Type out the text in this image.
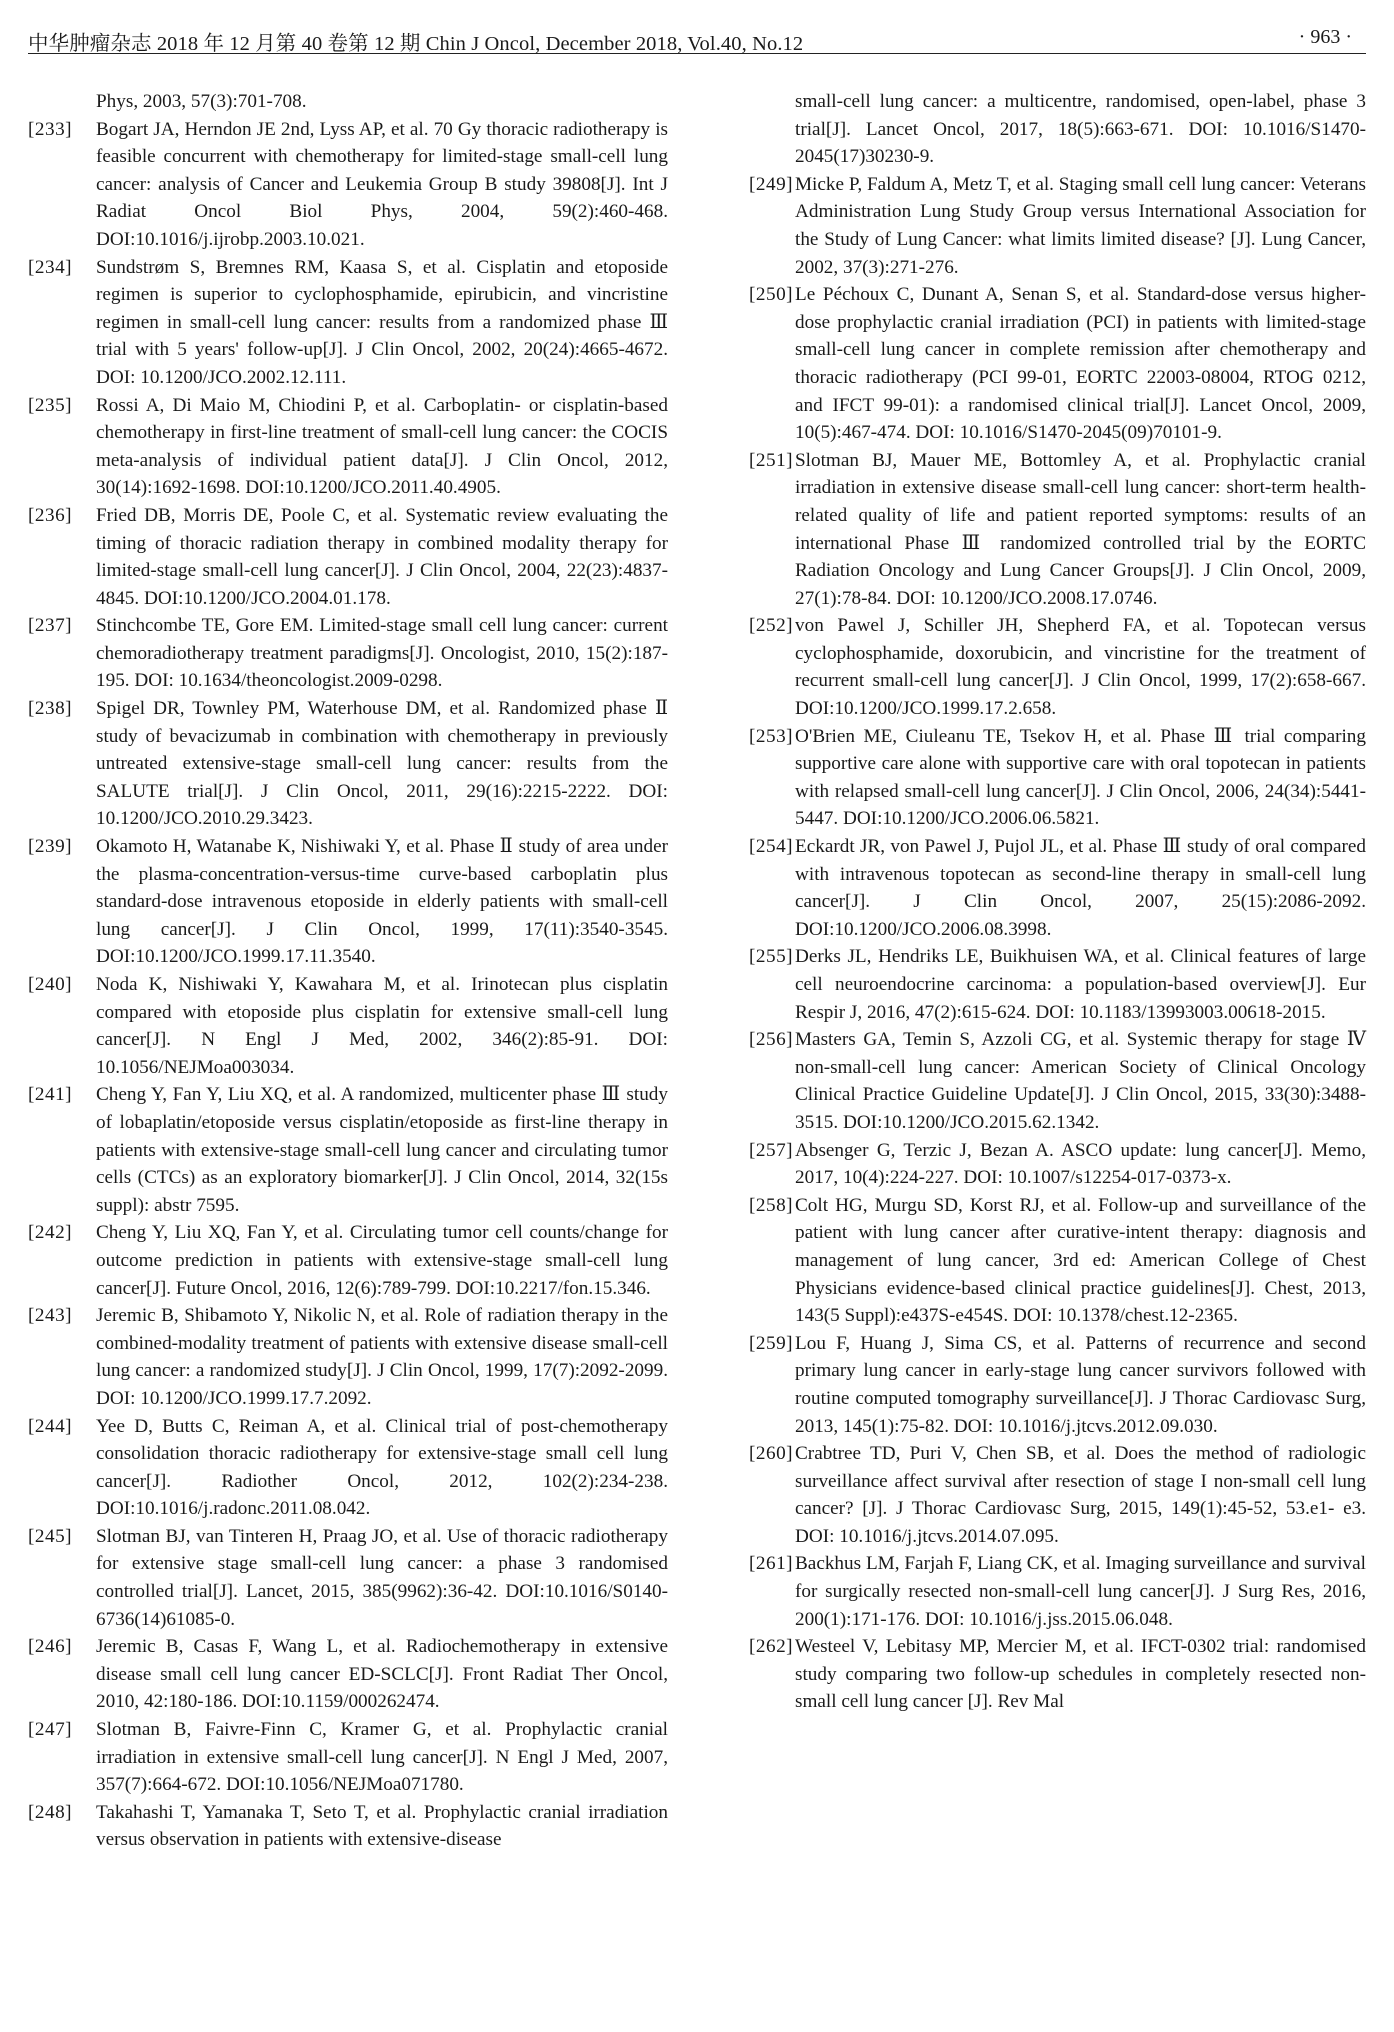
中华肿瘤杂志 2018 年 12 月第 40 卷第 12 期 Chin J Oncol, December 2018, Vol.40, No.12	· 963 ·
Phys, 2003, 57(3):701-708.
[233]	Bogart JA, Herndon JE 2nd, Lyss AP, et al. 70 Gy thoracic radiotherapy is feasible concurrent with chemotherapy for limited-stage small-cell lung cancer: analysis of Cancer and Leukemia Group B study 39808[J]. Int J Radiat Oncol Biol Phys, 2004, 59(2):460-468. DOI:10.1016/j.ijrobp.2003.10.021.
[234]	Sundstrøm S, Bremnes RM, Kaasa S, et al. Cisplatin and etoposide regimen is superior to cyclophosphamide, epirubicin, and vincristine regimen in small-cell lung cancer: results from a randomized phase Ⅲ trial with 5 years' follow-up[J]. J Clin Oncol, 2002, 20(24):4665-4672. DOI: 10.1200/JCO.2002.12.111.
[235]	Rossi A, Di Maio M, Chiodini P, et al. Carboplatin- or cisplatin-based chemotherapy in first-line treatment of small-cell lung cancer: the COCIS meta-analysis of individual patient data[J]. J Clin Oncol, 2012, 30(14):1692-1698. DOI:10.1200/JCO.2011.40.4905.
[236]	Fried DB, Morris DE, Poole C, et al. Systematic review evaluating the timing of thoracic radiation therapy in combined modality therapy for limited-stage small-cell lung cancer[J]. J Clin Oncol, 2004, 22(23):4837-4845. DOI:10.1200/JCO.2004.01.178.
[237]	Stinchcombe TE, Gore EM. Limited-stage small cell lung cancer: current chemoradiotherapy treatment paradigms[J]. Oncologist, 2010, 15(2):187-195. DOI: 10.1634/theoncologist.2009-0298.
[238]	Spigel DR, Townley PM, Waterhouse DM, et al. Randomized phase Ⅱ study of bevacizumab in combination with chemotherapy in previously untreated extensive-stage small-cell lung cancer: results from the SALUTE trial[J]. J Clin Oncol, 2011, 29(16):2215-2222. DOI: 10.1200/JCO.2010.29.3423.
[239]	Okamoto H, Watanabe K, Nishiwaki Y, et al. Phase Ⅱ study of area under the plasma-concentration-versus-time curve-based carboplatin plus standard-dose intravenous etoposide in elderly patients with small-cell lung cancer[J]. J Clin Oncol, 1999, 17(11):3540-3545. DOI:10.1200/JCO.1999.17.11.3540.
[240]	Noda K, Nishiwaki Y, Kawahara M, et al. Irinotecan plus cisplatin compared with etoposide plus cisplatin for extensive small-cell lung cancer[J]. N Engl J Med, 2002, 346(2):85-91. DOI: 10.1056/NEJMoa003034.
[241]	Cheng Y, Fan Y, Liu XQ, et al. A randomized, multicenter phase Ⅲ study of lobaplatin/etoposide versus cisplatin/etoposide as first-line therapy in patients with extensive-stage small-cell lung cancer and circulating tumor cells (CTCs) as an exploratory biomarker[J]. J Clin Oncol, 2014, 32(15s suppl): abstr 7595.
[242]	Cheng Y, Liu XQ, Fan Y, et al. Circulating tumor cell counts/change for outcome prediction in patients with extensive-stage small-cell lung cancer[J]. Future Oncol, 2016, 12(6):789-799. DOI:10.2217/fon.15.346.
[243]	Jeremic B, Shibamoto Y, Nikolic N, et al. Role of radiation therapy in the combined-modality treatment of patients with extensive disease small-cell lung cancer: a randomized study[J]. J Clin Oncol, 1999, 17(7):2092-2099. DOI: 10.1200/JCO.1999.17.7.2092.
[244]	Yee D, Butts C, Reiman A, et al. Clinical trial of post-chemotherapy consolidation thoracic radiotherapy for extensive-stage small cell lung cancer[J]. Radiother Oncol, 2012, 102(2):234-238. DOI:10.1016/j.radonc.2011.08.042.
[245]	Slotman BJ, van Tinteren H, Praag JO, et al. Use of thoracic radiotherapy for extensive stage small-cell lung cancer: a phase 3 randomised controlled trial[J]. Lancet, 2015, 385(9962):36-42. DOI:10.1016/S0140-6736(14)61085-0.
[246]	Jeremic B, Casas F, Wang L, et al. Radiochemotherapy in extensive disease small cell lung cancer ED-SCLC[J]. Front Radiat Ther Oncol, 2010, 42:180-186. DOI:10.1159/000262474.
[247]	Slotman B, Faivre-Finn C, Kramer G, et al. Prophylactic cranial irradiation in extensive small-cell lung cancer[J]. N Engl J Med, 2007, 357(7):664-672. DOI:10.1056/NEJMoa071780.
[248]	Takahashi T, Yamanaka T, Seto T, et al. Prophylactic cranial irradiation versus observation in patients with extensive-disease
small-cell lung cancer: a multicentre, randomised, open-label, phase 3 trial[J]. Lancet Oncol, 2017, 18(5):663-671. DOI: 10.1016/S1470-2045(17)30230-9.
[249] Micke P, Faldum A, Metz T, et al. Staging small cell lung cancer: Veterans Administration Lung Study Group versus International Association for the Study of Lung Cancer: what limits limited disease? [J]. Lung Cancer, 2002, 37(3):271-276.
[250] Le Péchoux C, Dunant A, Senan S, et al. Standard-dose versus higher-dose prophylactic cranial irradiation (PCI) in patients with limited-stage small-cell lung cancer in complete remission after chemotherapy and thoracic radiotherapy (PCI 99-01, EORTC 22003-08004, RTOG 0212, and IFCT 99-01): a randomised clinical trial[J]. Lancet Oncol, 2009, 10(5):467-474. DOI: 10.1016/S1470-2045(09)70101-9.
[251] Slotman BJ, Mauer ME, Bottomley A, et al. Prophylactic cranial irradiation in extensive disease small-cell lung cancer: short-term health-related quality of life and patient reported symptoms: results of an international Phase Ⅲ randomized controlled trial by the EORTC Radiation Oncology and Lung Cancer Groups[J]. J Clin Oncol, 2009, 27(1):78-84. DOI: 10.1200/JCO.2008.17.0746.
[252] von Pawel J, Schiller JH, Shepherd FA, et al. Topotecan versus cyclophosphamide, doxorubicin, and vincristine for the treatment of recurrent small-cell lung cancer[J]. J Clin Oncol, 1999, 17(2):658-667. DOI:10.1200/JCO.1999.17.2.658.
[253] O'Brien ME, Ciuleanu TE, Tsekov H, et al. Phase Ⅲ trial comparing supportive care alone with supportive care with oral topotecan in patients with relapsed small-cell lung cancer[J]. J Clin Oncol, 2006, 24(34):5441-5447. DOI:10.1200/JCO.2006.06.5821.
[254] Eckardt JR, von Pawel J, Pujol JL, et al. Phase Ⅲ study of oral compared with intravenous topotecan as second-line therapy in small-cell lung cancer[J]. J Clin Oncol, 2007, 25(15):2086-2092. DOI:10.1200/JCO.2006.08.3998.
[255] Derks JL, Hendriks LE, Buikhuisen WA, et al. Clinical features of large cell neuroendocrine carcinoma: a population-based overview[J]. Eur Respir J, 2016, 47(2):615-624. DOI: 10.1183/13993003.00618-2015.
[256] Masters GA, Temin S, Azzoli CG, et al. Systemic therapy for stage Ⅳ non-small-cell lung cancer: American Society of Clinical Oncology Clinical Practice Guideline Update[J]. J Clin Oncol, 2015, 33(30):3488-3515. DOI:10.1200/JCO.2015.62.1342.
[257] Absenger G, Terzic J, Bezan A. ASCO update: lung cancer[J]. Memo, 2017, 10(4):224-227. DOI: 10.1007/s12254-017-0373-x.
[258] Colt HG, Murgu SD, Korst RJ, et al. Follow-up and surveillance of the patient with lung cancer after curative-intent therapy: diagnosis and management of lung cancer, 3rd ed: American College of Chest Physicians evidence-based clinical practice guidelines[J]. Chest, 2013, 143(5 Suppl):e437S-e454S. DOI: 10.1378/chest.12-2365.
[259] Lou F, Huang J, Sima CS, et al. Patterns of recurrence and second primary lung cancer in early-stage lung cancer survivors followed with routine computed tomography surveillance[J]. J Thorac Cardiovasc Surg, 2013, 145(1):75-82. DOI: 10.1016/j.jtcvs.2012.09.030.
[260] Crabtree TD, Puri V, Chen SB, et al. Does the method of radiologic surveillance affect survival after resection of stage I non-small cell lung cancer? [J]. J Thorac Cardiovasc Surg, 2015, 149(1):45-52, 53.e1- e3. DOI: 10.1016/j.jtcvs.2014.07.095.
[261] Backhus LM, Farjah F, Liang CK, et al. Imaging surveillance and survival for surgically resected non-small-cell lung cancer[J]. J Surg Res, 2016, 200(1):171-176. DOI: 10.1016/j.jss.2015.06.048.
[262] Westeel V, Lebitasy MP, Mercier M, et al. IFCT-0302 trial: randomised study comparing two follow-up schedules in completely resected non-small cell lung cancer [J]. Rev Mal
